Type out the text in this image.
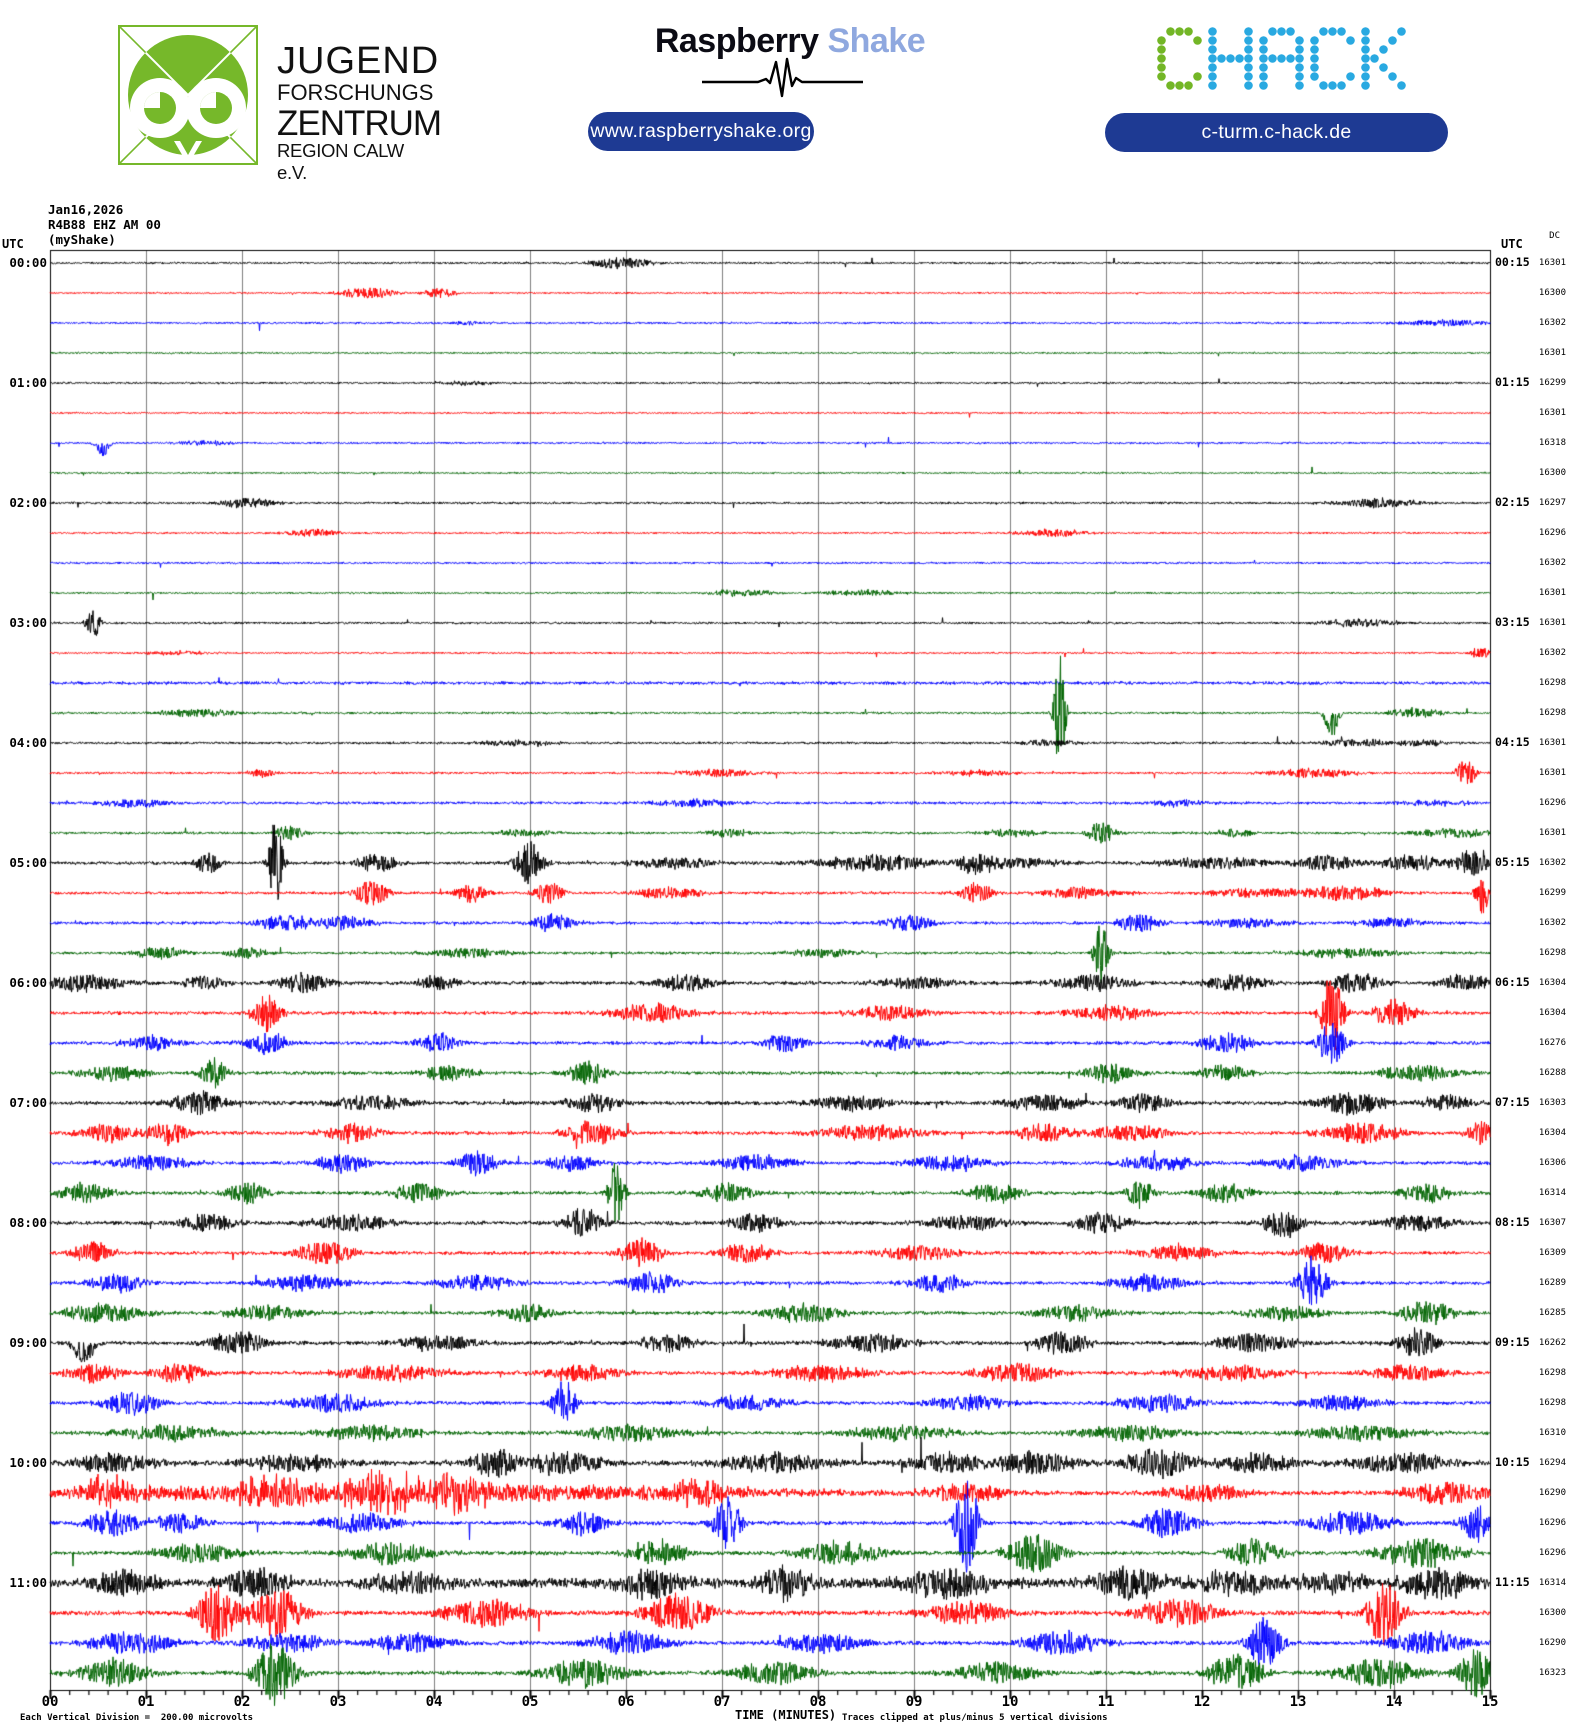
JUGEND
FORSCHUNGS
ZENTRUM
REGION CALW e.V.
Raspberry Shake
www.raspberryshake.org	c-turm.c-hack.de
Jan16,2026
R4B88 EHZ AM 00
(myShake)
UTC	UTC
DC
Each Vertical Division =  200.00 microvolts	TIME (MINUTES) Traces clipped at plus/minus 5 vertical divisions
00:00	00:15	16301
16300
16302
16301
01:00	01:15	16299
16301
16318
16300
02:00	02:15	16297
16296
16302
16301
03:00	03:15	16301
16302
16298
16298
04:00	04:15	16301
16301
16296
16301
05:00	05:15	16302
16299
16302
16298
06:00	06:15	16304
16304
16276
16288
07:00	07:15	16303
16304
16306
16314
08:00	08:15	16307
16309
16289
16285
09:00	09:15	16262
16298
16298
16310
10:00	10:15	16294
16290
16296
16296
11:00	11:15	16314
16300
16290
16323
00	01	02	03	04	05	06	07	08	09	10	11	12	13	14	15
